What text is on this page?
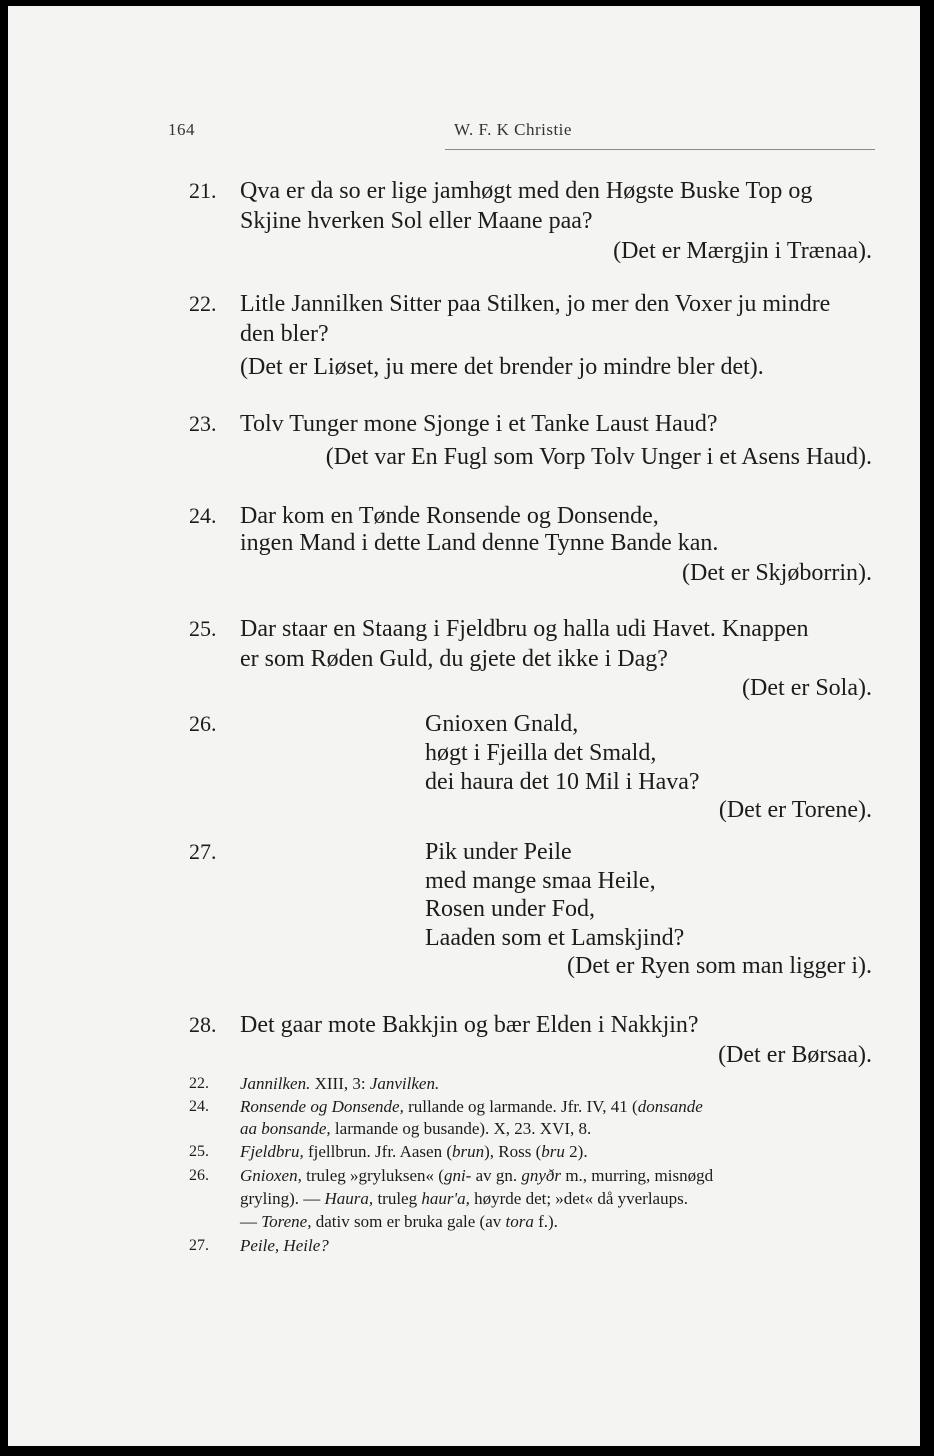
164	W. F. K Christie
21. Qva er da so er lige jamhøgt med den Høgste Buske Top og
Skjine hverken Sol eller Maane paa?
(Det er Mærgjin i Trænaa).
22. Litle Jannilken Sitter paa Stilken, jo mer den Voxer ju mindre
den bler?
(Det er Liøset, ju mere det brender jo mindre bler det).
23. Tolv Tunger mone Sjonge i et Tanke Laust Haud?
(Det var En Fugl som Vorp Tolv Unger i et Asens Haud).
24. Dar kom en Tønde Ronsende og Donsende,
ingen Mand i dette Land denne Tynne Bande kan.
(Det er Skjøborrin).
25. Dar staar en Staang i Fjeldbru og halla udi Havet. Knappen
er som Røden Guld, du gjete det ikke i Dag?
(Det er Sola).
26.	Gnioxen Gnald,
høgt i Fjeilla det Smald,
dei haura det 10 Mil i Hava?
(Det er Torene).
27.	Pik under Peile
med mange smaa Heile,
Rosen under Fod,
Laaden som et Lamskjind?
(Det er Ryen som man ligger i).
28. Det gaar mote Bakkjin og bær Elden i Nakkjin?
(Det er Børsaa).
22. Jannilken. XIII, 3: Janvilken.
24. Ronsende og Donsende, rullande og larmande. Jfr. IV, 41 (donsande
aa bonsande, larmande og busande). X, 23. XVI, 8.
25. Fjeldbru, fjellbrun. Jfr. Aasen (brun), Ross (bru 2).
26. Gnioxen, truleg »gryluksen« (gni- av gn. gnyðr m., murring, misnøgd
gryling). — Haura, truleg haur'a, høyrde det; »det« då yverlaups.
— Torene, dativ som er bruka gale (av tora f.).
27. Peile, Heile?
